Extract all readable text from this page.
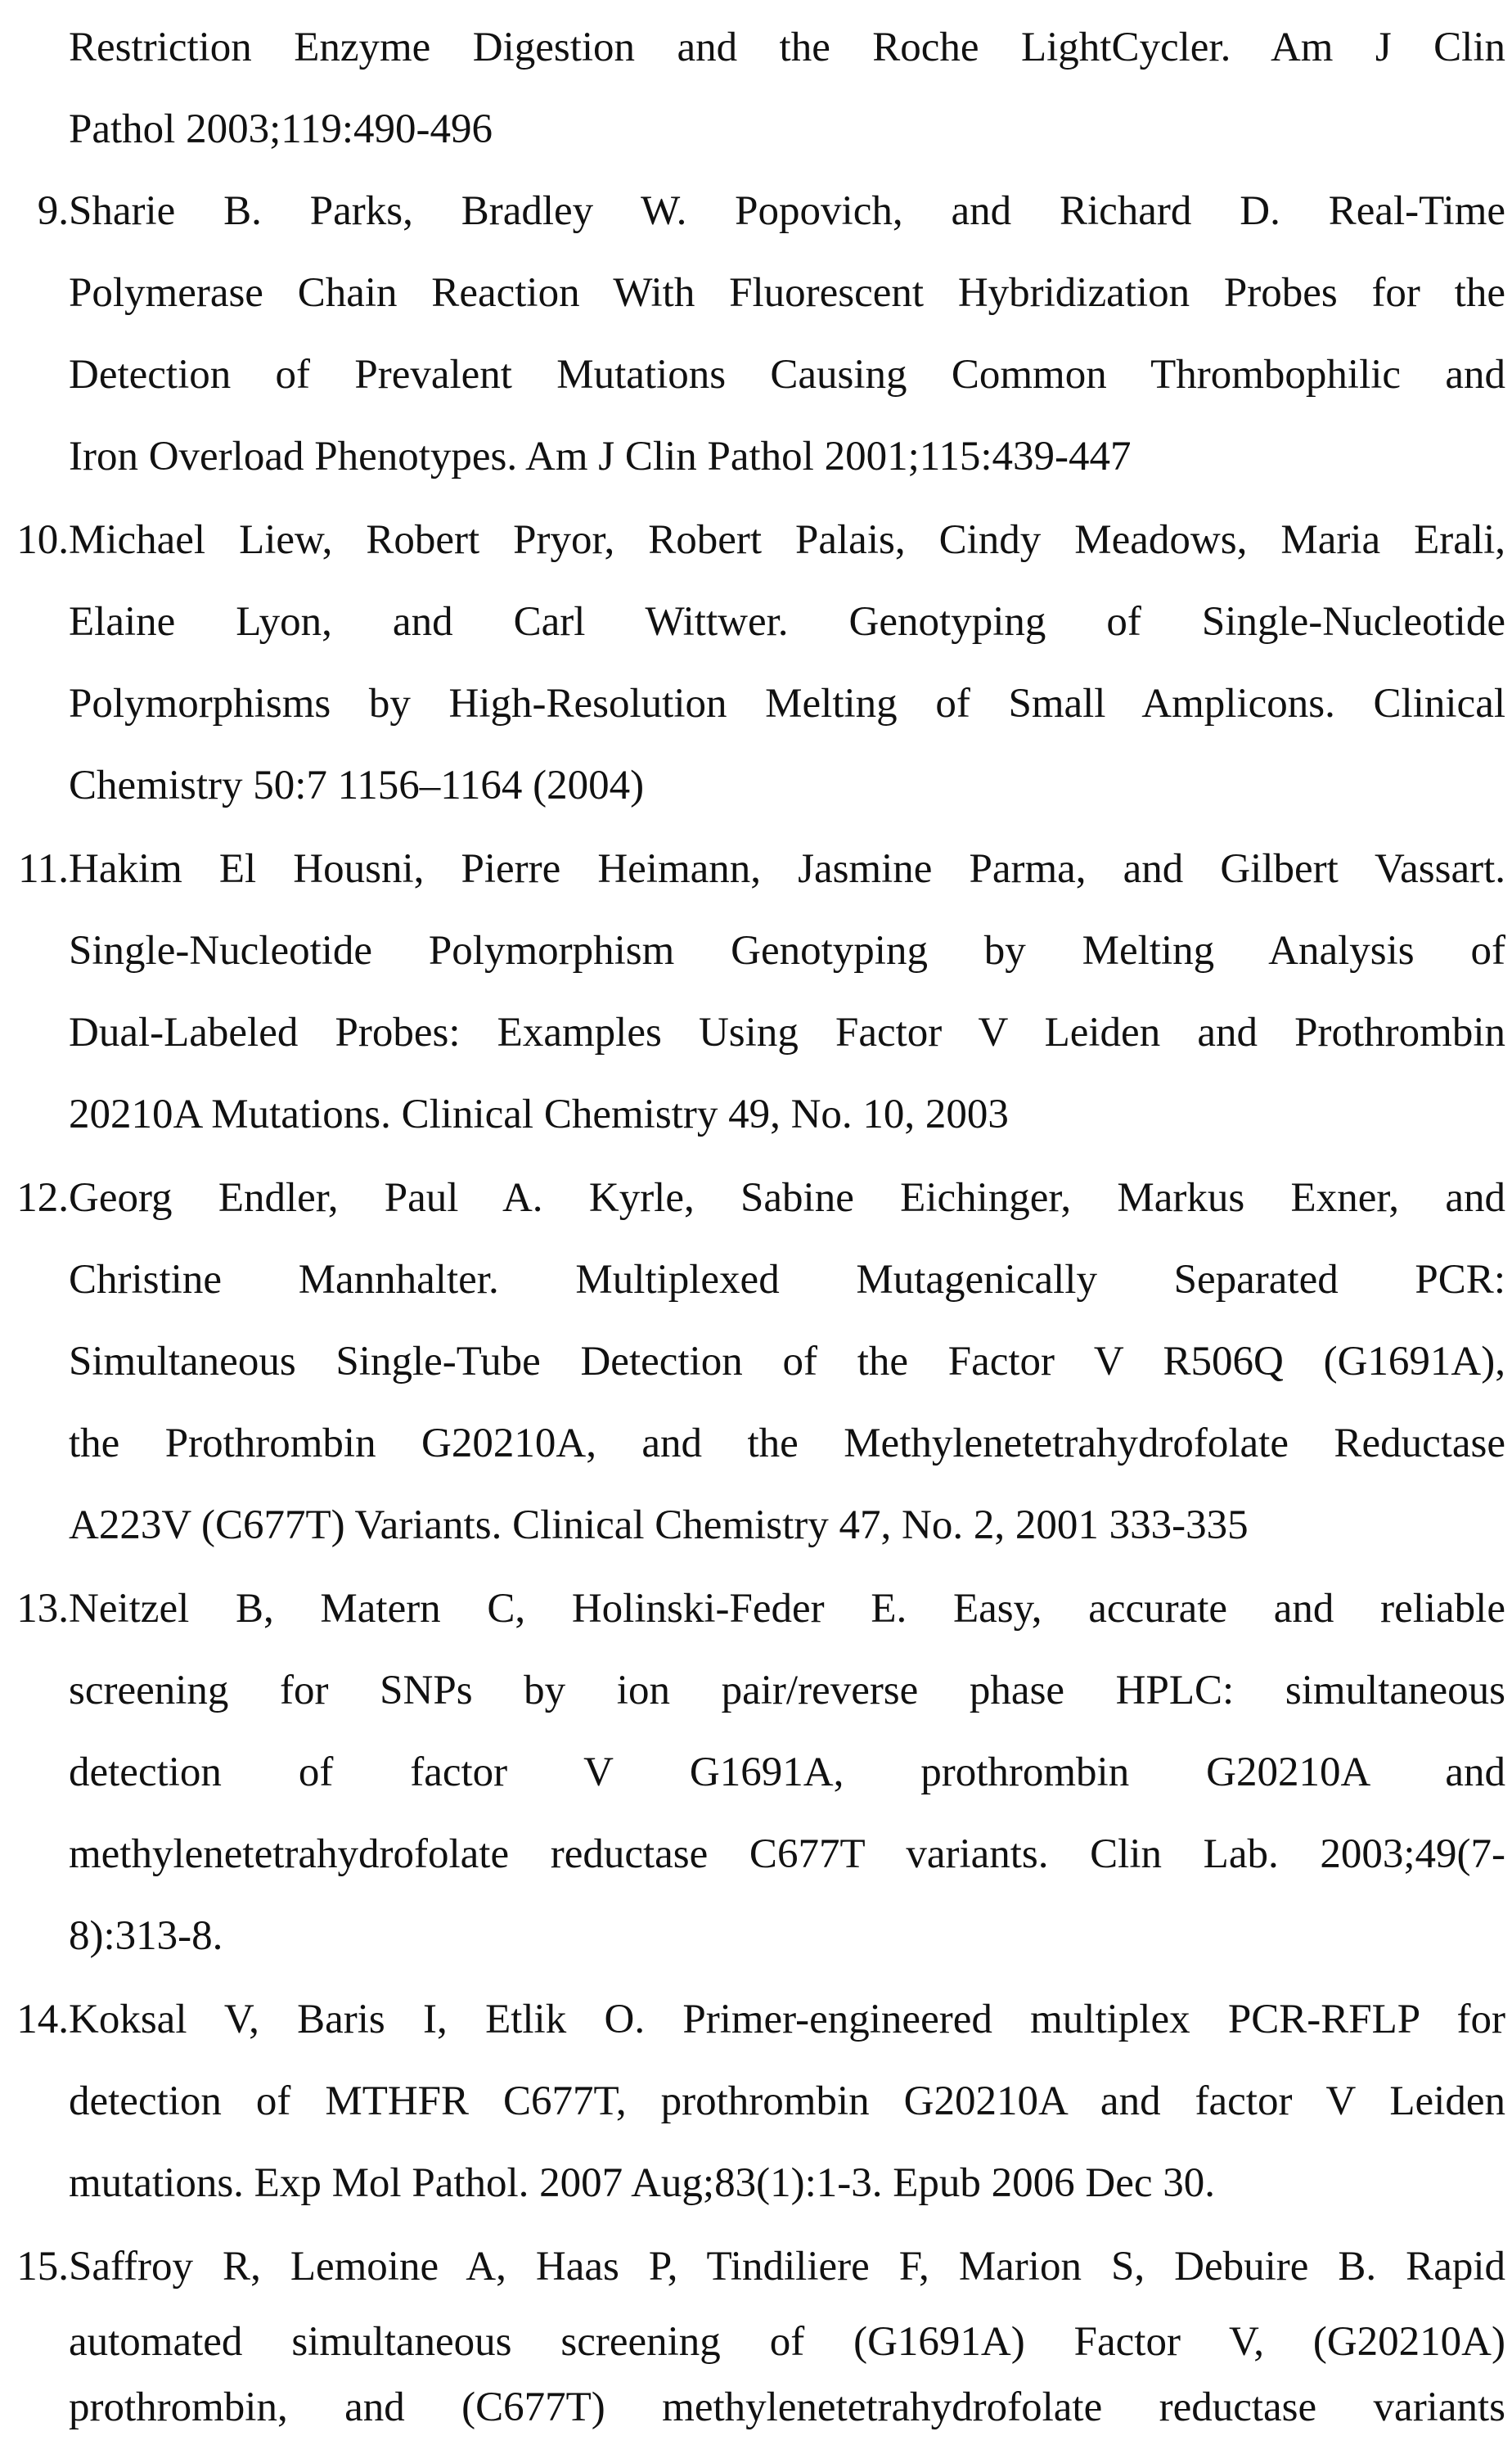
Restriction Enzyme Digestion and the Roche LightCycler. Am J Clin
Pathol 2003;119:490-496
9. Sharie B. Parks, Bradley W. Popovich, and Richard D. Real-Time
Polymerase Chain Reaction With Fluorescent Hybridization Probes for the
Detection of Prevalent Mutations Causing Common Thrombophilic and
Iron Overload Phenotypes. Am J Clin Pathol 2001;115:439-447
10. Michael Liew, Robert Pryor, Robert Palais, Cindy Meadows, Maria Erali,
Elaine Lyon, and Carl Wittwer. Genotyping of Single-Nucleotide
Polymorphisms by High-Resolution Melting of Small Amplicons. Clinical
Chemistry 50:7 1156–1164 (2004)
11. Hakim El Housni, Pierre Heimann, Jasmine Parma, and Gilbert Vassart.
Single-Nucleotide Polymorphism Genotyping by Melting Analysis of
Dual-Labeled Probes: Examples Using Factor V Leiden and Prothrombin
20210A Mutations. Clinical Chemistry 49, No. 10, 2003
12. Georg Endler, Paul A. Kyrle, Sabine Eichinger, Markus Exner, and
Christine Mannhalter. Multiplexed Mutagenically Separated PCR:
Simultaneous Single-Tube Detection of the Factor V R506Q (G1691A),
the Prothrombin G20210A, and the Methylenetetrahydrofolate Reductase
A223V (C677T) Variants. Clinical Chemistry 47, No. 2, 2001 333-335
13. Neitzel B, Matern C, Holinski-Feder E. Easy, accurate and reliable
screening for SNPs by ion pair/reverse phase HPLC: simultaneous
detection of factor V G1691A, prothrombin G20210A and
methylenetetrahydrofolate reductase C677T variants. Clin Lab. 2003;49(7-
8):313-8.
14. Koksal V, Baris I, Etlik O. Primer-engineered multiplex PCR-RFLP for
detection of MTHFR C677T, prothrombin G20210A and factor V Leiden
mutations. Exp Mol Pathol. 2007 Aug;83(1):1-3. Epub 2006 Dec 30.
15. Saffroy R, Lemoine A, Haas P, Tindiliere F, Marion S, Debuire B. Rapid
automated simultaneous screening of (G1691A) Factor V, (G20210A)
prothrombin, and (C677T) methylenetetrahydrofolate reductase variants
